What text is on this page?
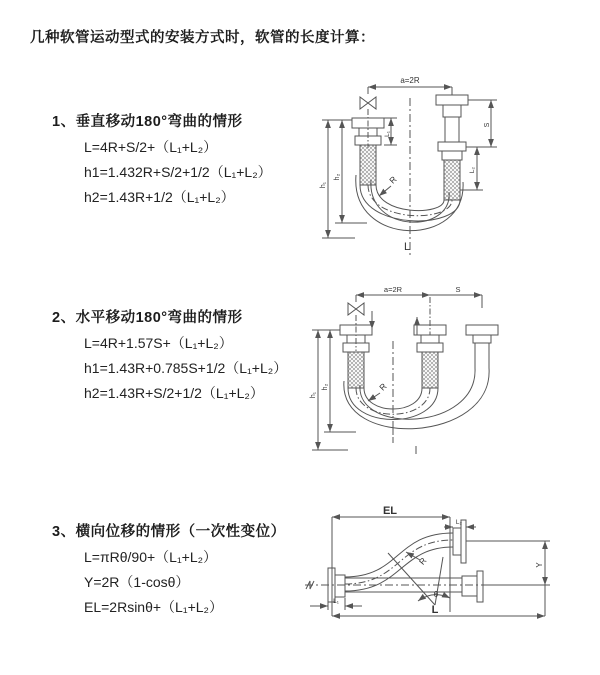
几种软管运动型式的安装方式时，软管的长度计算：
1、垂直移动180°弯曲的情形
L=4R+S/2+（L₁+L₂）
h1=1.432R+S/2+1/2（L₁+L₂）
h2=1.43R+1/2（L₁+L₂）
2、水平移动180°弯曲的情形
L=4R+1.57S+（L₁+L₂）
h1=1.43R+0.785S+1/2（L₁+L₂）
h2=1.43R+S/2+1/2（L₁+L₂）
3、横向位移的情形（一次性变位）
L=πRθ/90+（L₁+L₂）
Y=2R（1-cosθ）
EL=2Rsinθ+（L₁+L₂）
a=2R
h₁
h₂
L₁
S
L₂
R
L
a=2R	S
h₁
h₂	R
EL
L₂
Y
L₁
L
R
θ
